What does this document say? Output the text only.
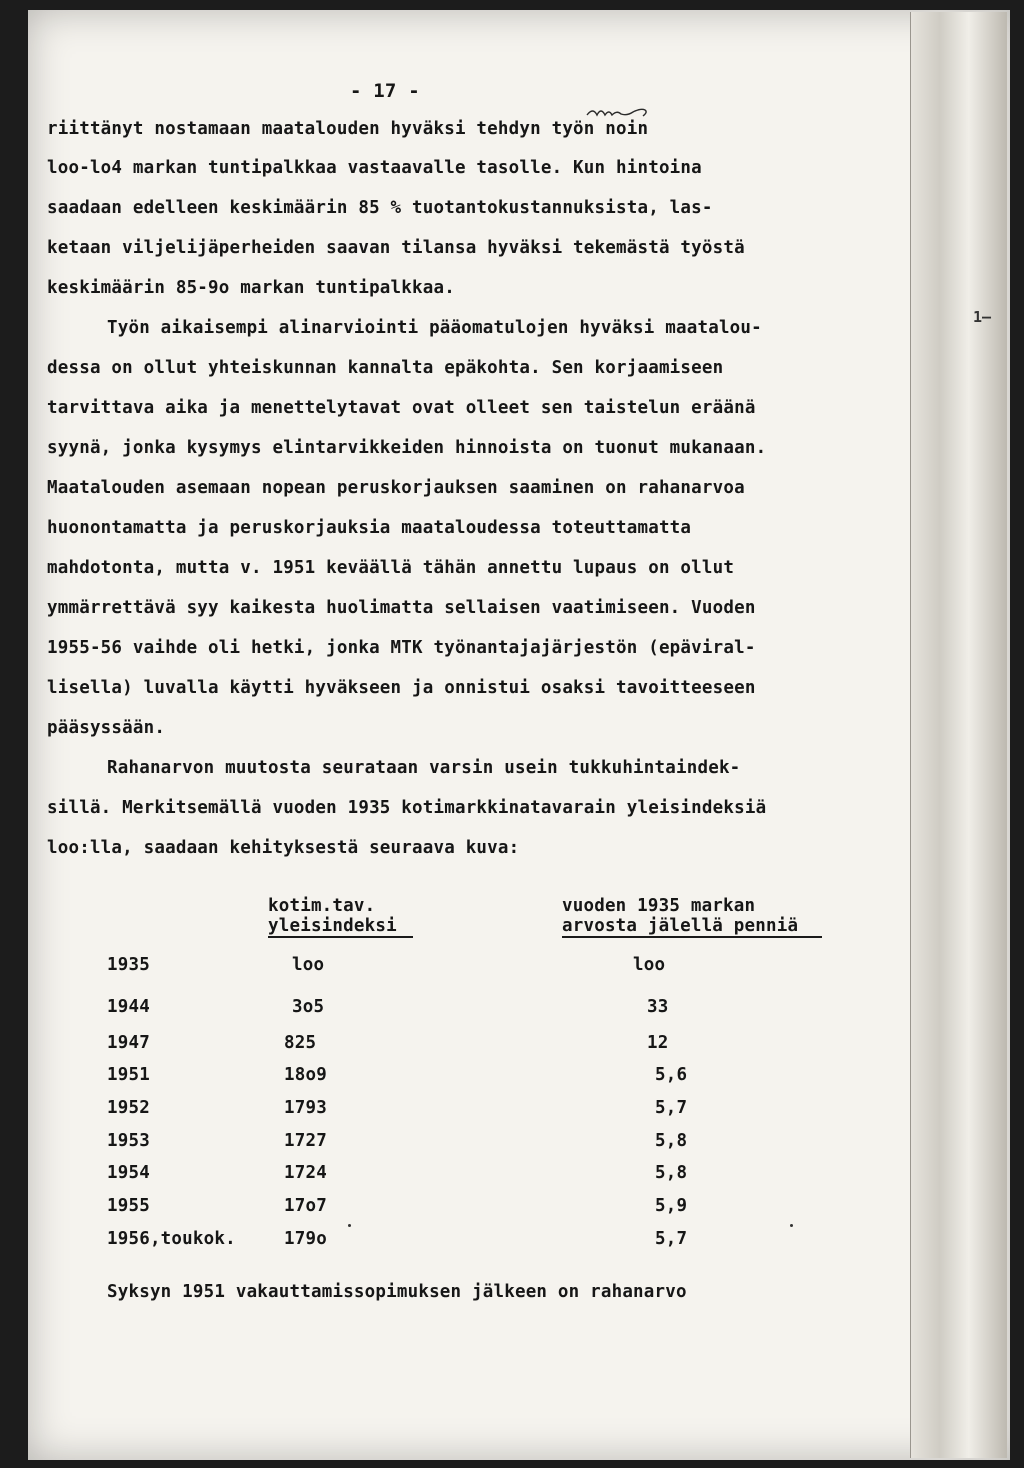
1–
- 17 -
riittänyt nostamaan maatalouden hyväksi tehdyn työn noin
loo-lo4 markan tuntipalkkaa vastaavalle tasolle. Kun hintoina
saadaan edelleen keskimäärin 85 % tuotantokustannuksista, las-
ketaan viljelijäperheiden saavan tilansa hyväksi tekemästä työstä
keskimäärin 85-9o markan tuntipalkkaa.
Työn aikaisempi alinarviointi pääomatulojen hyväksi maatalou-
dessa on ollut yhteiskunnan kannalta epäkohta. Sen korjaamiseen
tarvittava aika ja menettelytavat ovat olleet sen taistelun eräänä
syynä, jonka kysymys elintarvikkeiden hinnoista on tuonut mukanaan.
Maatalouden asemaan nopean peruskorjauksen saaminen on rahanarvoa
huonontamatta ja peruskorjauksia maataloudessa toteuttamatta
mahdotonta, mutta v. 1951 keväällä tähän annettu lupaus on ollut
ymmärrettävä syy kaikesta huolimatta sellaisen vaatimiseen. Vuoden
1955-56 vaihde oli hetki, jonka MTK työnantajajärjestön (epäviral-
lisella) luvalla käytti hyväkseen ja onnistui osaksi tavoitteeseen
pääsyssään.
Rahanarvon muutosta seurataan varsin usein tukkuhintaindek-
sillä. Merkitsemällä vuoden 1935 kotimarkkinatavarain yleisindeksiä
loo:lla, saadaan kehityksestä seuraava kuva:
kotim.tav.
yleisindeksi
vuoden 1935 markan
arvosta jälellä penniä
1935	loo	loo
1944	3o5	33
1947	825	12
1951	18o9	5,6
1952	1793	5,7
1953	1727	5,8
1954	1724	5,8
1955	17o7	5,9
1956,toukok.	179o	5,7
Syksyn 1951 vakauttamissopimuksen jälkeen on rahanarvo
